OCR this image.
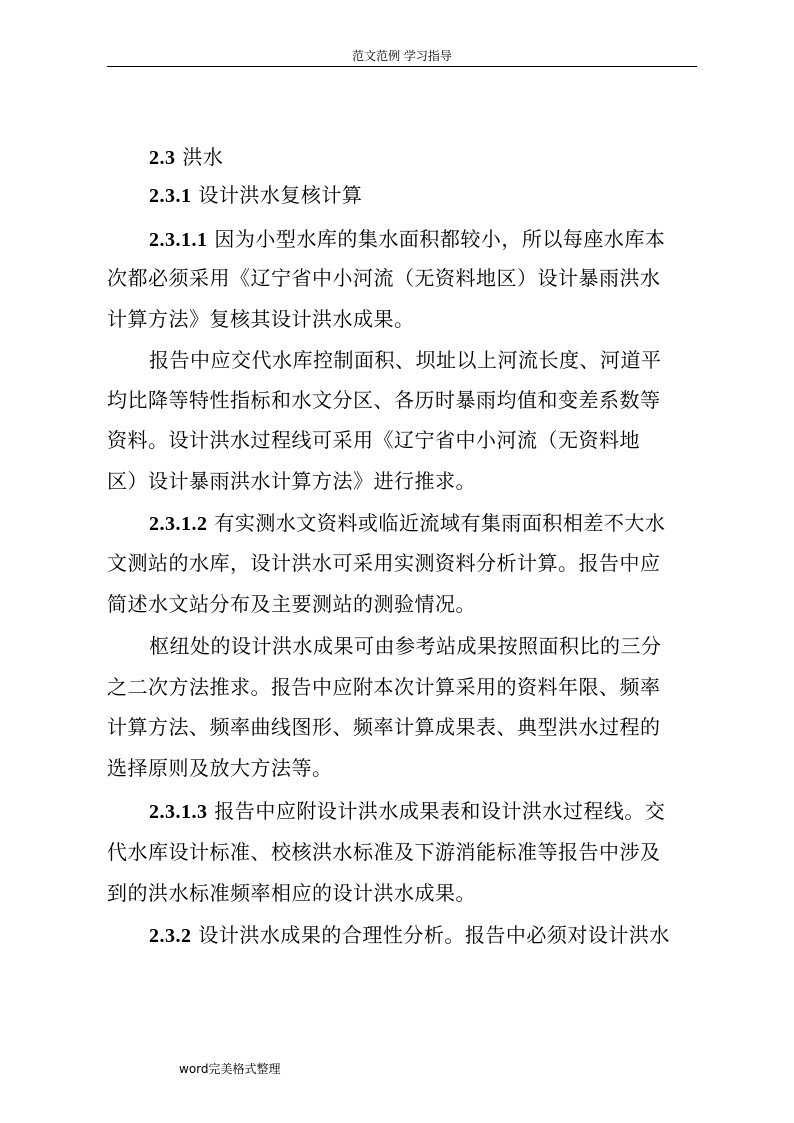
范文范例 学习指导
2.3 洪水
2.3.1 设计洪水复核计算
2.3.1.1 因为小型水库的集水面积都较小，所以每座水库本
次都必须采用《辽宁省中小河流（无资料地区）设计暴雨洪水
计算方法》复核其设计洪水成果。
报告中应交代水库控制面积、坝址以上河流长度、河道平
均比降等特性指标和水文分区、各历时暴雨均值和变差系数等
资料。设计洪水过程线可采用《辽宁省中小河流（无资料地
区）设计暴雨洪水计算方法》进行推求。
2.3.1.2 有实测水文资料或临近流域有集雨面积相差不大水
文测站的水库，设计洪水可采用实测资料分析计算。报告中应
简述水文站分布及主要测站的测验情况。
枢纽处的设计洪水成果可由参考站成果按照面积比的三分
之二次方法推求。报告中应附本次计算采用的资料年限、频率
计算方法、频率曲线图形、频率计算成果表、典型洪水过程的
选择原则及放大方法等。
2.3.1.3 报告中应附设计洪水成果表和设计洪水过程线。交
代水库设计标准、校核洪水标准及下游消能标准等报告中涉及
到的洪水标准频率相应的设计洪水成果。
2.3.2 设计洪水成果的合理性分析。报告中必须对设计洪水
word完美格式整理
